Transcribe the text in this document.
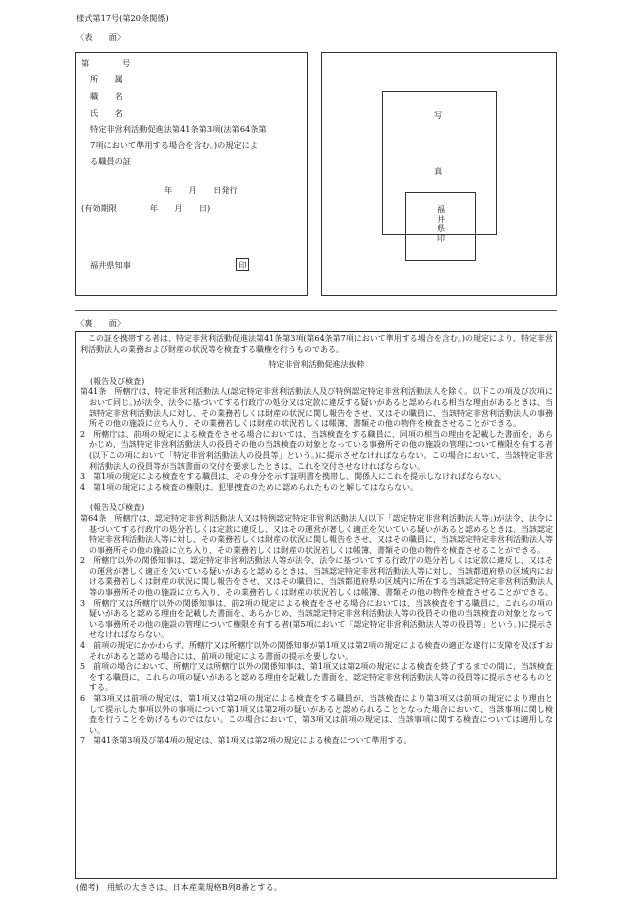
様式第17号(第20条関係)
〈表　　面〉
第　　　　号
所　　属
職　　名
氏　　名
特定非営利活動促進法第41条第3項(法第64条第
7項において準用する場合を含む。)の規定によ
る職員の証
年　　月　　日発行
(有効期限　　　　年　　月　　日)
福井県知事	印
写
真
福
井
県
印
〈裏　　面〉
この証を携帯する者は、特定非営利活動促進法第41条第3項(第64条第7項において準用する場合を含む。)の規定により、特定非営利活動法人の業務および財産の状況等を検査する職権を行うものである。
特定非営利活動促進法抜粋
(報告及び検査)
第41条　所轄庁は、特定非営利活動法人(認定特定非営利活動法人及び特例認定特定非営利活動法人を除く。以下この項及び次項において同じ。)が法令、法令に基づいてする行政庁の処分又は定款に違反する疑いがあると認められる相当な理由があるときは、当該特定非営利活動法人に対し、その業務若しくは財産の状況に関し報告をさせ、又はその職員に、当該特定非営利活動法人の事務所その他の施設に立ち入り、その業務若しくは財産の状況若しくは帳簿、書類その他の物件を検査させることができる。
2　所轄庁は、前項の規定による検査をさせる場合においては、当該検査をする職員に、同項の相当の理由を記載した書面を、あらかじめ、当該特定非営利活動法人の役員その他の当該検査の対象となっている事務所その他の施設の管理について権限を有する者(以下この項において「特定非営利活動法人の役員等」という。)に提示させなければならない。この場合において、当該特定非営利活動法人の役員等が当該書面の交付を要求したときは、これを交付させなければならない。
3　第1項の規定による検査をする職員は、その身分を示す証明書を携帯し、関係人にこれを提示しなければならない。
4　第1項の規定による検査の権限は、犯罪捜査のために認められたものと解してはならない。
(報告及び検査)
第64条　所轄庁は、認定特定非営利活動法人又は特例認定特定非営利活動法人(以下「認定特定非営利活動法人等」)が法令、法令に基づいてする行政庁の処分若しくは定款に違反し、又はその運営が著しく適正を欠いている疑いがあると認めるときは、当該認定特定非営利活動法人等に対し、その業務若しくは財産の状況に関し報告をさせ、又はその職員に、当該認定特定非営利活動法人等の事務所その他の施設に立ち入り、その業務若しくは財産の状況若しくは帳簿、書類その他の物件を検査させることができる。
2　所轄庁以外の関係知事は、認定特定非営利活動法人等が法令、法令に基づいてする行政庁の処分若しくは定款に違反し、又はその運営が著しく適正を欠いている疑いがあると認めるときは、当該認定特定非営利活動法人等に対し、当該都道府県の区域内における業務若しくは財産の状況に関し報告をさせ、又はその職員に、当該都道府県の区域内に所在する当該認定特定非営利活動法人等の事務所その他の施設に立ち入り、その業務若しくは財産の状況若しくは帳簿、書類その他の物件を検査させることができる。
3　所轄庁又は所轄庁以外の関係知事は、前2項の規定による検査をさせる場合においては、当該検査をする職員に、これらの項の疑いがあると認める理由を記載した書面を、あらかじめ、当該認定特定非営利活動法人等の役員その他の当該検査の対象となっている事務所その他の施設の管理について権限を有する者(第5項において「認定特定非営利活動法人等の役員等」という。)に提示させなければならない。
4　前項の規定にかかわらず、所轄庁又は所轄庁以外の関係知事が第1項又は第2項の規定による検査の適正な遂行に支障を及ぼすおそれがあると認める場合には、前項の規定による書面の提示を要しない。
5　前項の場合において、所轄庁又は所轄庁以外の関係知事は、第1項又は第2項の規定による検査を終了するまでの間に、当該検査をする職員に、これらの項の疑いがあると認める理由を記載した書面を、認定特定非営利活動法人等の役員等に提示させるものとする。
6　第3項又は前項の規定は、第1項又は第2項の規定による検査をする職員が、当該検査により第3項又は前項の規定により理由として提示した事項以外の事項について第1項又は第2項の疑いがあると認められることとなった場合において、当該事項に関し検査を行うことを妨げるものではない。この場合において、第3項又は前項の規定は、当該事項に関する検査については適用しない。
7　第41条第3項及び第4項の規定は、第1項又は第2項の規定による検査について準用する。
(備考)　用紙の大きさは、日本産業規格B列8番とする。
